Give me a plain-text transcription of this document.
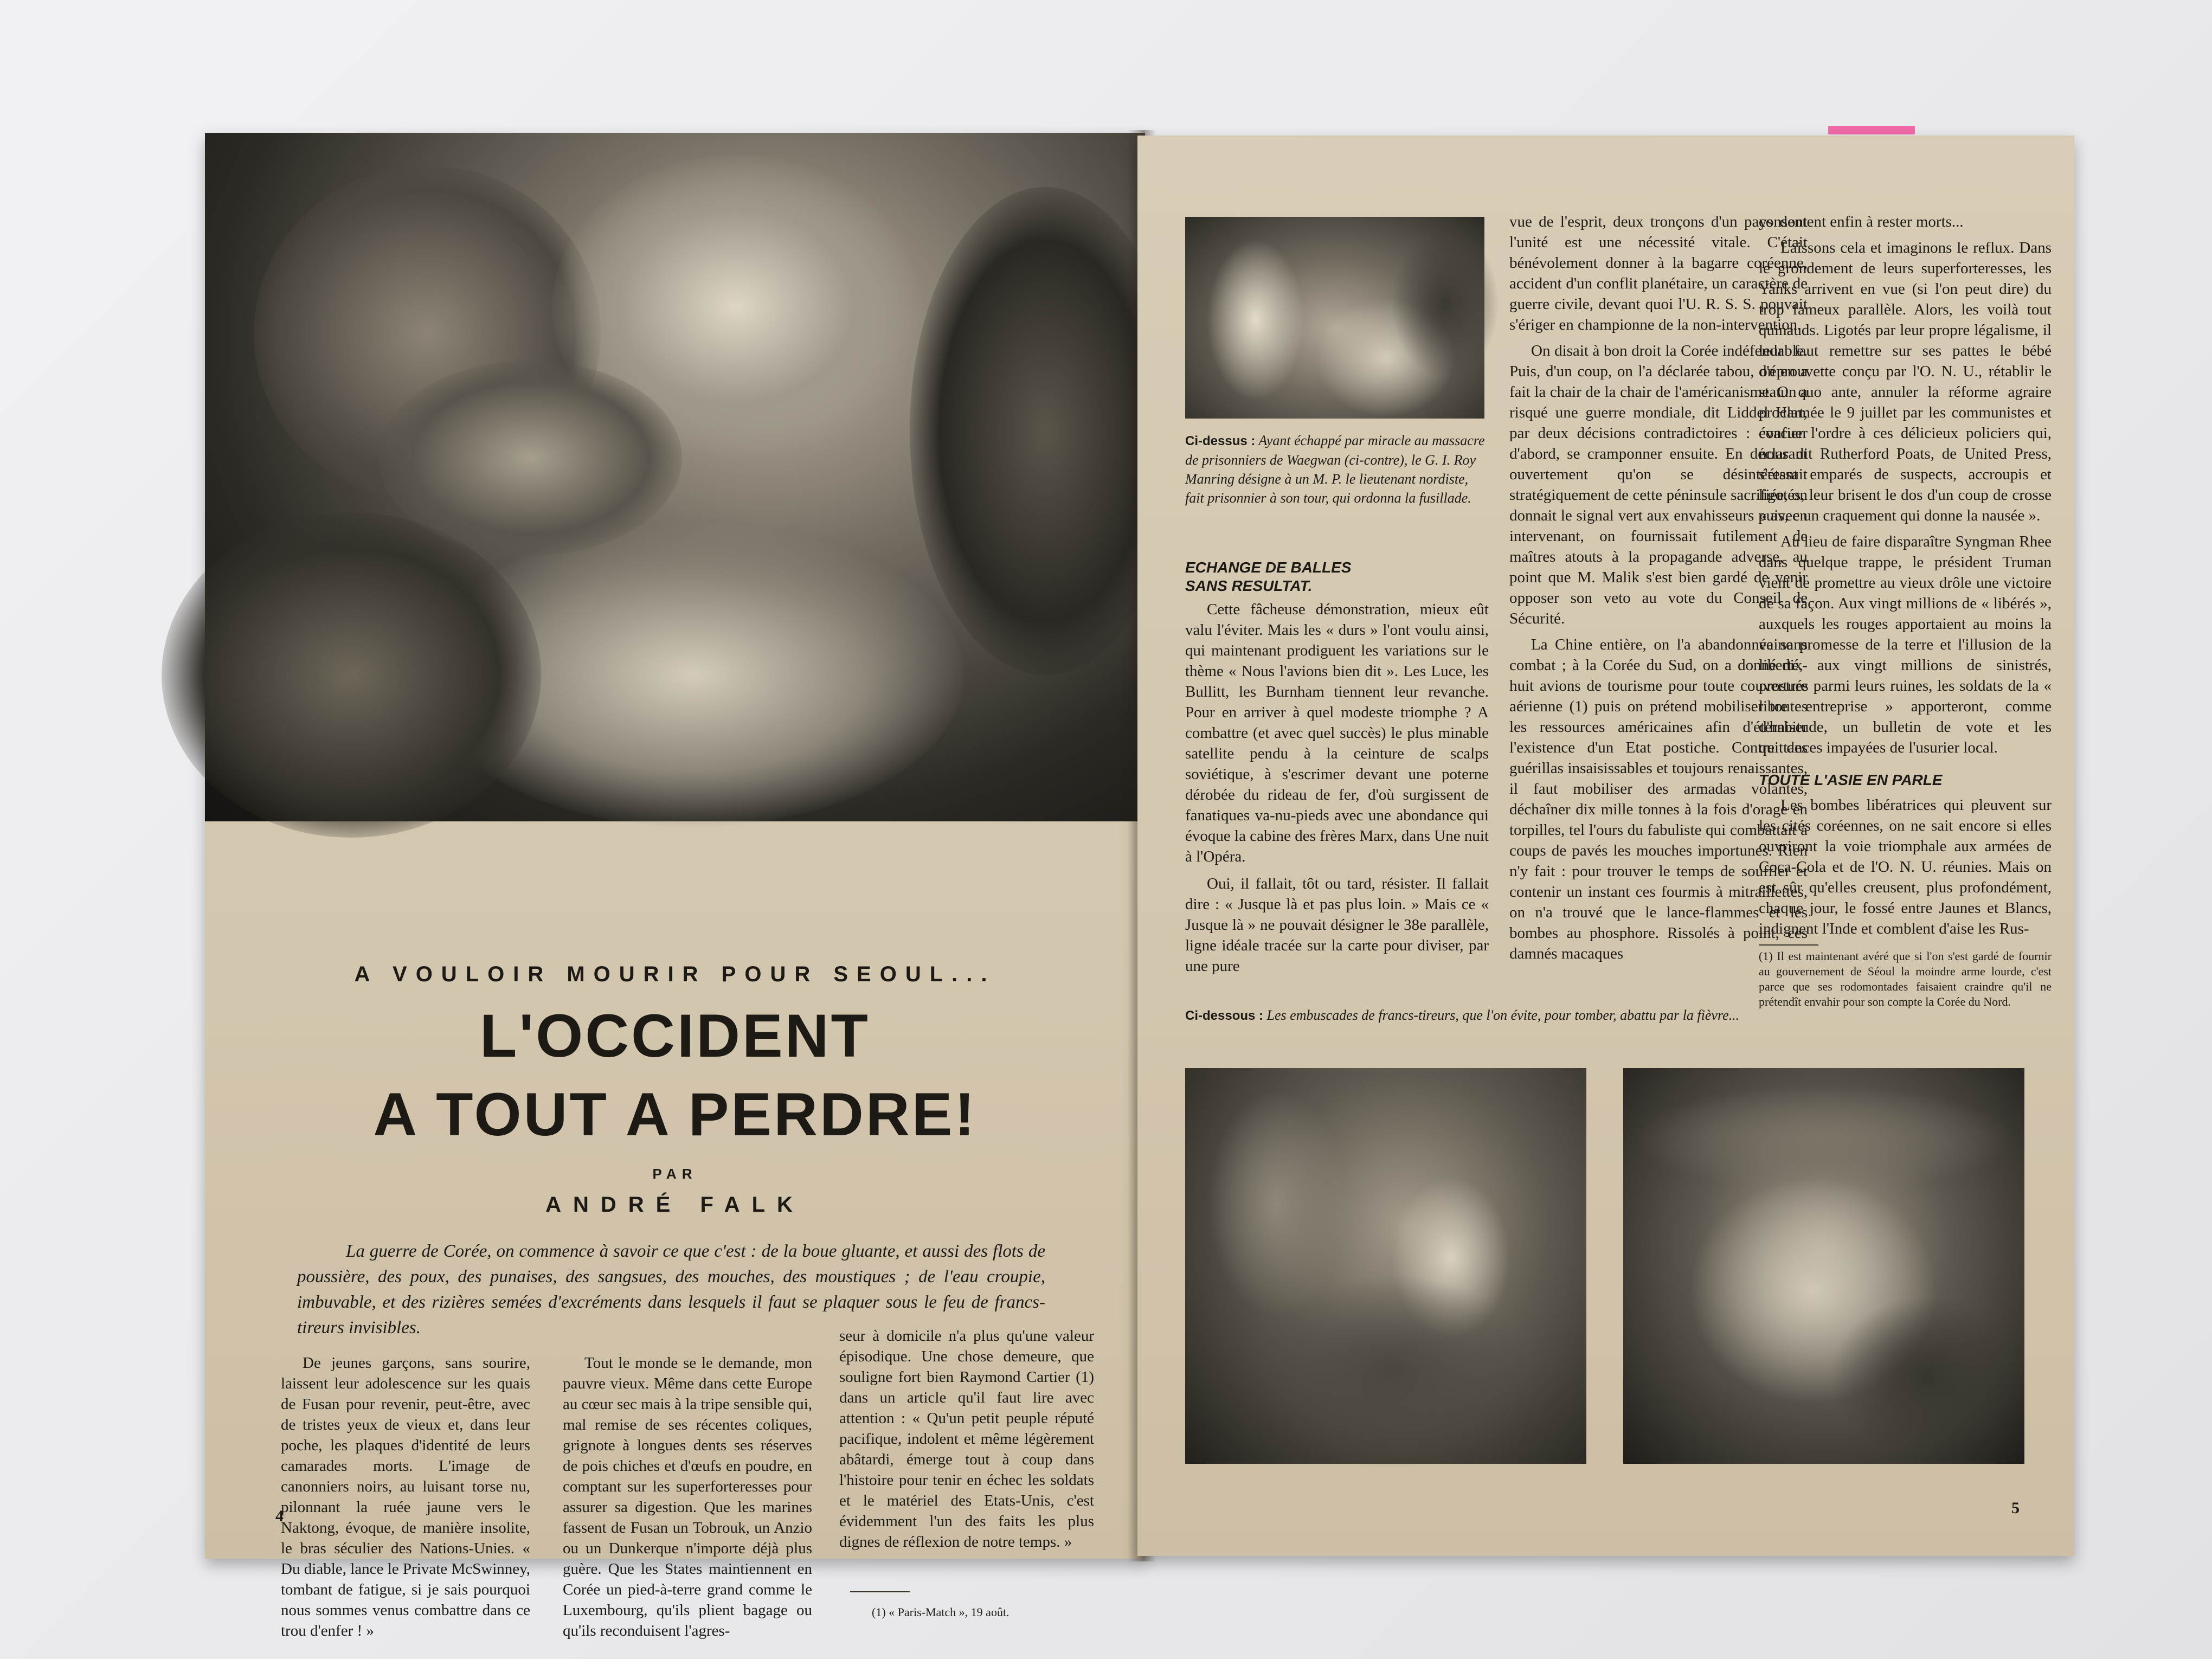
A VOULOIR MOURIR POUR SEOUL...
L'OCCIDENT
A TOUT A PERDRE!
PAR
ANDRÉ FALK
La guerre de Corée, on commence à savoir ce que c'est : de la boue gluante, et aussi des flots de poussière, des poux, des punaises, des sangsues, des mouches, des moustiques ; de l'eau croupie, imbuvable, et des rizières semées d'excréments dans lesquels il faut se plaquer sous le feu de francs-tireurs invisibles.

De jeunes garçons, sans sourire, laissent leur adolescence sur les quais de Fusan pour revenir, peut-être, avec de tristes yeux de vieux et, dans leur poche, les plaques d'identité de leurs camarades morts. L'image de canonniers noirs, au luisant torse nu, pilonnant la ruée jaune vers le Naktong, évoque, de manière insolite, le bras séculier des Nations-Unies. « Du diable, lance le Private McSwinney, tombant de fatigue, si je sais pourquoi nous sommes venus combattre dans ce trou d'enfer ! »

Tout le monde se le demande, mon pauvre vieux. Même dans cette Europe au cœur sec mais à la tripe sensible qui, mal remise de ses récentes coliques, grignote à longues dents ses réserves de pois chiches et d'œufs en poudre, en comptant sur les superforteresses pour assurer sa digestion. Que les marines fassent de Fusan un Tobrouk, un Anzio ou un Dunkerque n'importe déjà plus guère. Que les States maintiennent en Corée un pied-à-terre grand comme le Luxembourg, qu'ils plient bagage ou qu'ils reconduisent l'agres-

seur à domicile n'a plus qu'une valeur épisodique. Une chose demeure, que souligne fort bien Raymond Cartier (1) dans un article qu'il faut lire avec attention : « Qu'un petit peuple réputé pacifique, indolent et même légèrement abâtardi, émerge tout à coup dans l'histoire pour tenir en échec les soldats et le matériel des Etats-Unis, c'est évidemment l'un des faits les plus dignes de réflexion de notre temps. »

(1) « Paris-Match », 19 août.
4
Ci-dessus : Ayant échappé par miracle au massacre de prisonniers de Waegwan (ci-contre), le G. I. Roy Manring désigne à un M. P. le lieutenant nordiste, fait prisonnier à son tour, qui ordonna la fusillade.
ECHANGE DE BALLES
SANS RESULTAT.

Cette fâcheuse démonstration, mieux eût valu l'éviter. Mais les « durs » l'ont voulu ainsi, qui maintenant prodiguent les variations sur le thème « Nous l'avions bien dit ». Les Luce, les Bullitt, les Burnham tiennent leur revanche. Pour en arriver à quel modeste triomphe ? A combattre (et avec quel succès) le plus minable satellite pendu à la ceinture de scalps soviétique, à s'escrimer devant une poterne dérobée du rideau de fer, d'où surgissent de fanatiques va-nu-pieds avec une abondance qui évoque la cabine des frères Marx, dans Une nuit à l'Opéra.

Oui, il fallait, tôt ou tard, résister. Il fallait dire : « Jusque là et pas plus loin. » Mais ce « Jusque là » ne pouvait désigner le 38e parallèle, ligne idéale tracée sur la carte pour diviser, par une pure

vue de l'esprit, deux tronçons d'un pays dont l'unité est une nécessité vitale. C'était bénévolement donner à la bagarre coréenne, accident d'un conflit planétaire, un caractère de guerre civile, devant quoi l'U. R. S. S. pouvait s'ériger en championne de la non-intervention.

On disait à bon droit la Corée indéfendable. Puis, d'un coup, on l'a déclarée tabou, on en a fait la chair de la chair de l'américanisme. On a risqué une guerre mondiale, dit Liddel Hart, par deux décisions contradictoires : évacuer d'abord, se cramponner ensuite. En déclarant ouvertement qu'on se désintéressait stratégiquement de cette péninsule sacrifiée, on donnait le signal vert aux envahisseurs puis, en intervenant, on fournissait futilement de maîtres atouts à la propagande adverse, au point que M. Malik s'est bien gardé de venir opposer son veto au vote du Conseil de Sécurité.

La Chine entière, on l'a abandonnée sans combat ; à la Corée du Sud, on a donné dix-huit avions de tourisme pour toute couverture aérienne (1) puis on prétend mobiliser toutes les ressources américaines afin d'éterniser l'existence d'un Etat postiche. Contre des guérillas insaisissables et toujours renaissantes, il faut mobiliser des armadas volantes, déchaîner dix mille tonnes à la fois d'orage en torpilles, tel l'ours du fabuliste qui combattait à coups de pavés les mouches importunes. Rien n'y fait : pour trouver le temps de souffler et contenir un instant ces fourmis à mitraillettes, on n'a trouvé que le lance-flammes et les bombes au phosphore. Rissolés à point, ces damnés macaques

consentent enfin à rester morts...

Laissons cela et imaginons le reflux. Dans le grondement de leurs superforteresses, les Yanks arrivent en vue (si l'on peut dire) du trop fameux parallèle. Alors, les voilà tout quinauds. Ligotés par leur propre légalisme, il leur faut remettre sur ses pattes le bébé d'éprouvette conçu par l'O. N. U., rétablir le statu quo ante, annuler la réforme agraire proclamée le 9 juillet par les communistes et confier l'ordre à ces délicieux policiers qui, nous dit Rutherford Poats, de United Press, s'étant emparés de suspects, accroupis et ligotés, leur brisent le dos d'un coup de crosse « avec un craquement qui donne la nausée ».

Au lieu de faire disparaître Syngman Rhee dans quelque trappe, le président Truman vient de promettre au vieux drôle une victoire de sa façon. Aux vingt millions de « libérés », auxquels les rouges apportaient au moins la vaine promesse de la terre et l'illusion de la liberté, aux vingt millions de sinistrés, prostrés parmi leurs ruines, les soldats de la « libre entreprise » apporteront, comme d'habitude, un bulletin de vote et les quittances impayées de l'usurier local.

TOUTE L'ASIE EN PARLE

Les bombes libératrices qui pleuvent sur les cités coréennes, on ne sait encore si elles ouvriront la voie triomphale aux armées de Coca-Cola et de l'O. N. U. réunies. Mais on est sûr qu'elles creusent, plus profondément, chaque jour, le fossé entre Jaunes et Blancs, indignent l'Inde et comblent d'aise les Rus-

(1) Il est maintenant avéré que si l'on s'est gardé de fournir au gouvernement de Séoul la moindre arme lourde, c'est parce que ses rodomontades faisaient craindre qu'il ne prétendît envahir pour son compte la Corée du Nord.
Ci-dessous : Les embuscades de francs-tireurs, que l'on évite, pour tomber, abattu par la fièvre...
5
